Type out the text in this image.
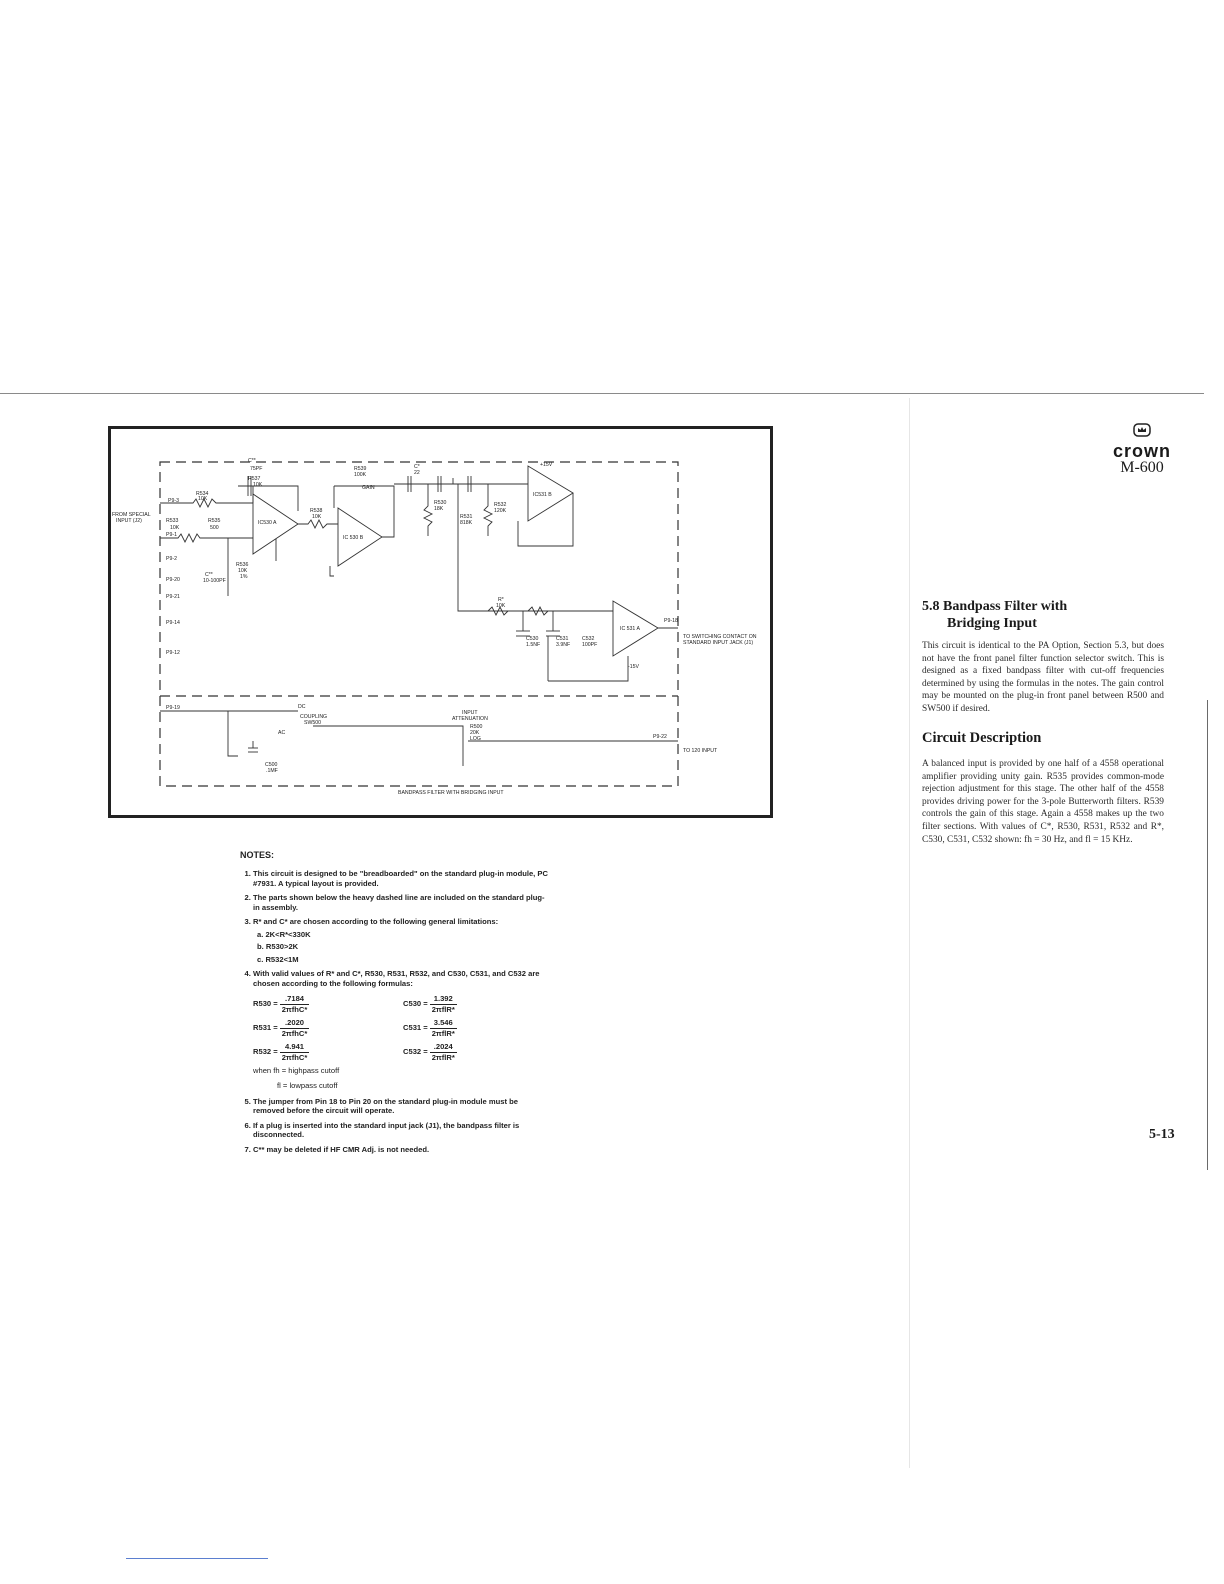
C**
75PF
R537
10K
R534
10K
R533
10K
R535
500
R538
10K
R536
10K
1%
C**
10-100PF
IC530 A
IC 530 B
IC531 B
IC 531 A
R539
100K
GAIN
C*
22
R530
18K
R531
818K
R532
120K
R*
10K
C530
1.5NF
C531
3.9NF
C532
100PF
+15V
-15V
FROM SPECIAL
INPUT (J2)
P9-3
P9-1
P9-2
P9-20
P9-21
P9-14
P9-12
P9-19
P9-18
P9-22
TO SWITCHING CONTACT ON
STANDARD INPUT JACK (J1)
DC
AC
COUPLING
SW500
C500
.1MF
INPUT
ATTENUATION
R500
20K
LOG
TO 120 INPUT
BANDPASS FILTER WITH BRIDGING INPUT
NOTES:
1. This circuit is designed to be "breadboarded" on the standard plug-in module, PC #7931. A typical layout is provided.
2. The parts shown below the heavy dashed line are included on the standard plug-in assembly.
3. R* and C* are chosen according to the following general limitations:
a. 2K<R*<330K
b. R530>2K
c. R532<1M
4. With valid values of R* and C*, R530, R531, R532, and C530, C531, and C532 are chosen according to the following formulas:
$R530 = \frac{.7184}{\text{2πfhC*}}$	$C530 = \frac{1.392}{\text{2πflR*}}$
$R531 = \frac{.2020}{\text{2πfhC*}}$	$C531 = \frac{3.546}{\text{2πflR*}}$
$R532 = \frac{4.941}{\text{2πfhC*}}$	$C532 = \frac{.2024}{\text{2πflR*}}$
when fh = highpass cutoff
fl = lowpass cutoff
5. The jumper from Pin 18 to Pin 20 on the standard plug-in module must be removed before the circuit will operate.
6. If a plug is inserted into the standard input jack (J1), the bandpass filter is disconnected.
7. C** may be deleted if HF CMR Adj. is not needed.
crown
M-600
5.8 Bandpass Filter with
Bridging Input
This circuit is identical to the PA Option, Section 5.3, but does not have the front panel filter function selector switch. This is designed as a fixed bandpass filter with cut-off frequencies determined by using the formulas in the notes. The gain control may be mounted on the plug-in front panel between R500 and SW500 if desired.
Circuit Description
A balanced input is provided by one half of a 4558 operational amplifier providing unity gain. R535 provides common-mode rejection adjustment for this stage. The other half of the 4558 provides driving power for the 3-pole Butterworth filters. R539 controls the gain of this stage. Again a 4558 makes up the two filter sections. With values of C*, R530, R531, R532 and R*, C530, C531, C532 shown: fh = 30 Hz, and fl = 15 KHz.
5-13
